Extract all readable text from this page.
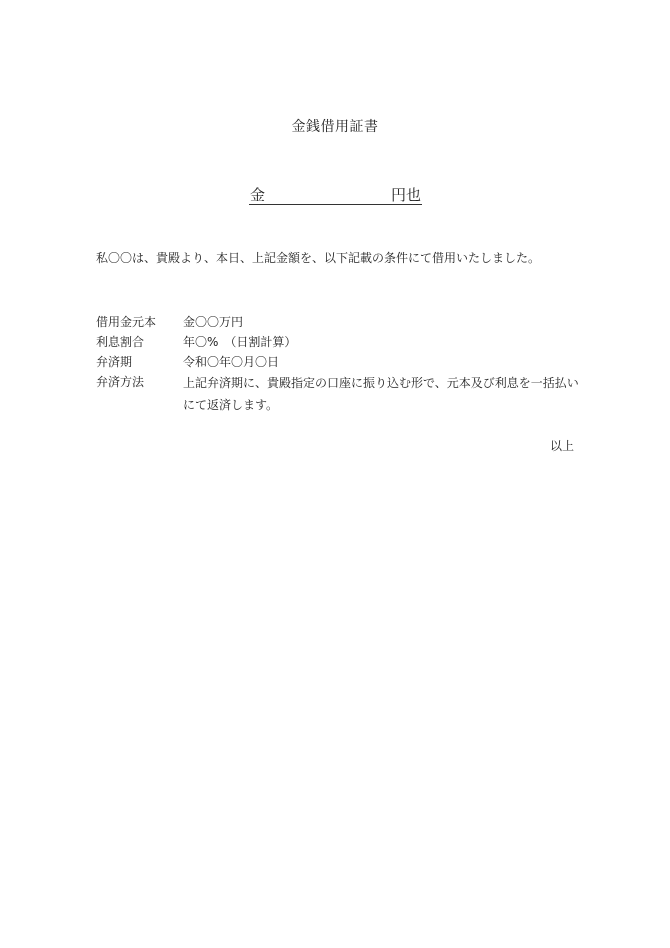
金銭借用証書
金	円也
私〇〇は、貴殿より、本日、上記金額を、以下記載の条件にて借用いたしました。
借用金元本	金〇〇万円
利息割合	年〇%　（日割計算）
弁済期	令和〇年〇月〇日
弁済方法	上記弁済期に、貴殿指定の口座に振り込む形で、元本及び利息を一括払いにて返済します。
以上
